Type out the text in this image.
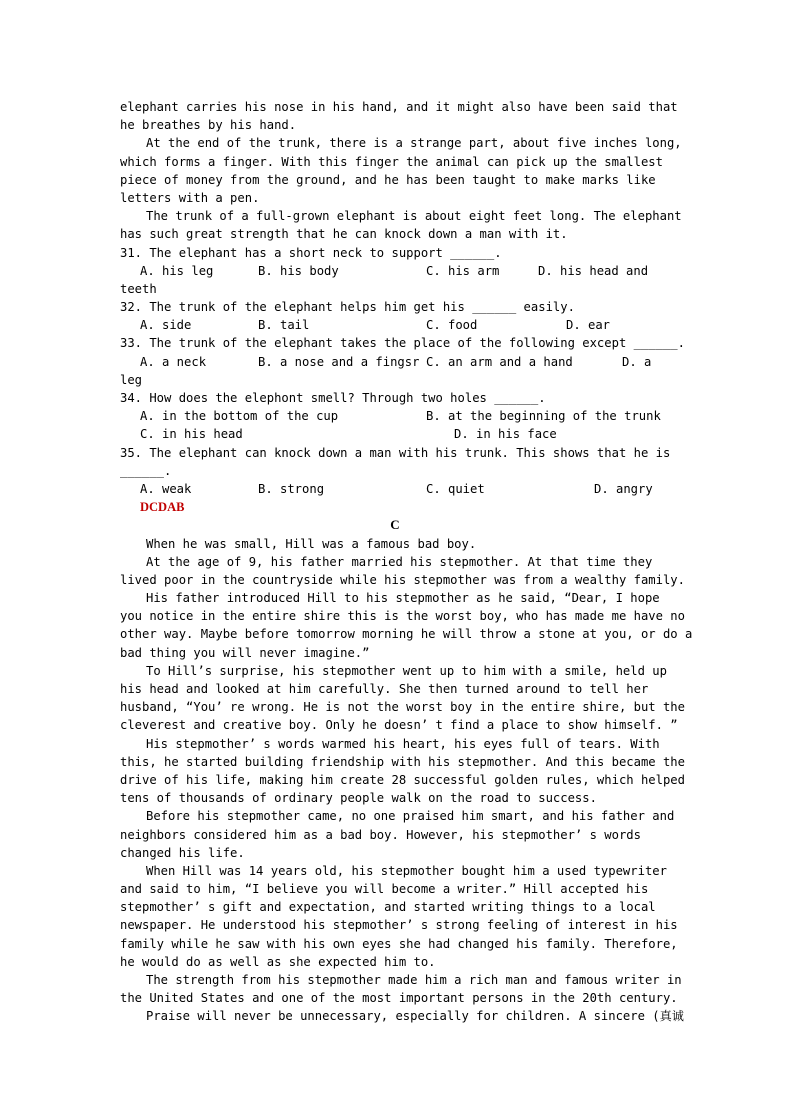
elephant carries his nose in his hand, and it might also have been said that
he breathes by his hand.
At the end of the trunk, there is a strange part, about five inches long,
which forms a finger. With this finger the animal can pick up the smallest
piece of money from the ground, and he has been taught to make marks like
letters with a pen.
The trunk of a full-grown elephant is about eight feet long. The elephant
has such great strength that he can knock down a man with it.
31. The elephant has a short neck to support ______.
A. his leg	B. his body	C. his arm	D. his head and
teeth
32. The trunk of the elephant helps him get his ______ easily.
A. side	B. tail	C. food	D. ear
33. The trunk of the elephant takes the place of the following except ______.
A. a neck	B. a nose and a fingsr C. an arm and a hand	D. a
leg
34. How does the elephont smell? Through two holes ______.
A. in the bottom of the cup	B. at the beginning of the trunk
C. in his head	D. in his face
35. The elephant can knock down a man with his trunk. This shows that he is
______.
A. weak	B. strong	C. quiet	D. angry
DCDAB
C
When he was small, Hill was a famous bad boy.
At the age of 9, his father married his stepmother. At that time they
lived poor in the countryside while his stepmother was from a wealthy family.
His father introduced Hill to his stepmother as he said, “Dear, I hope
you notice in the entire shire this is the worst boy, who has made me have no
other way. Maybe before tomorrow morning he will throw a stone at you, or do a
bad thing you will never imagine.”
To Hill’s surprise, his stepmother went up to him with a smile, held up
his head and looked at him carefully. She then turned around to tell her
husband, “You’ re wrong. He is not the worst boy in the entire shire, but the
cleverest and creative boy. Only he doesn’ t find a place to show himself. ”
His stepmother’ s words warmed his heart, his eyes full of tears. With
this, he started building friendship with his stepmother. And this became the
drive of his life, making him create 28 successful golden rules, which helped
tens of thousands of ordinary people walk on the road to success.
Before his stepmother came, no one praised him smart, and his father and
neighbors considered him as a bad boy. However, his stepmother’ s words
changed his life.
When Hill was 14 years old, his stepmother bought him a used typewriter
and said to him, “I believe you will become a writer.” Hill accepted his
stepmother’ s gift and expectation, and started writing things to a local
newspaper. He understood his stepmother’ s strong feeling of interest in his
family while he saw with his own eyes she had changed his family. Therefore,
he would do as well as she expected him to.
The strength from his stepmother made him a rich man and famous writer in
the United States and one of the most important persons in the 20th century.
Praise will never be unnecessary, especially for children. A sincere (真诚
